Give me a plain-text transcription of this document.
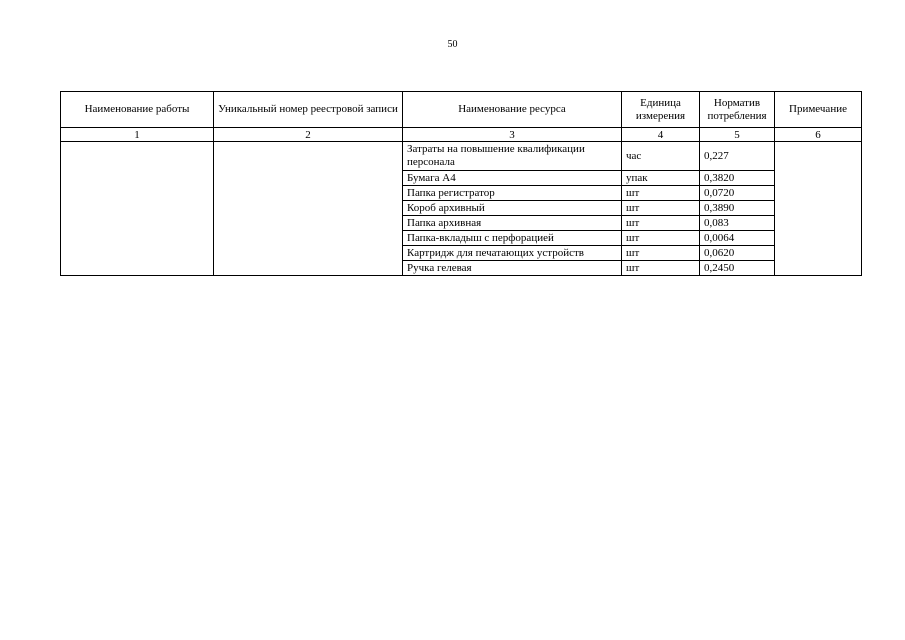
50
Наименование работы	Уникальный номер реестровой записи	Наименование ресурса	Единица измерения	Норматив потребления	Примечание
1	2	3	4	5	6
		Затраты на повышение квалификации персонала	час	0,227	
		Бумага А4	упак	0,3820	
		Папка регистратор	шт	0,0720	
		Короб архивный	шт	0,3890	
		Папка архивная	шт	0,083	
		Папка-вкладыш с перфорацией	шт	0,0064	
		Картридж для печатающих устройств	шт	0,0620	
		Ручка гелевая	шт	0,2450	
